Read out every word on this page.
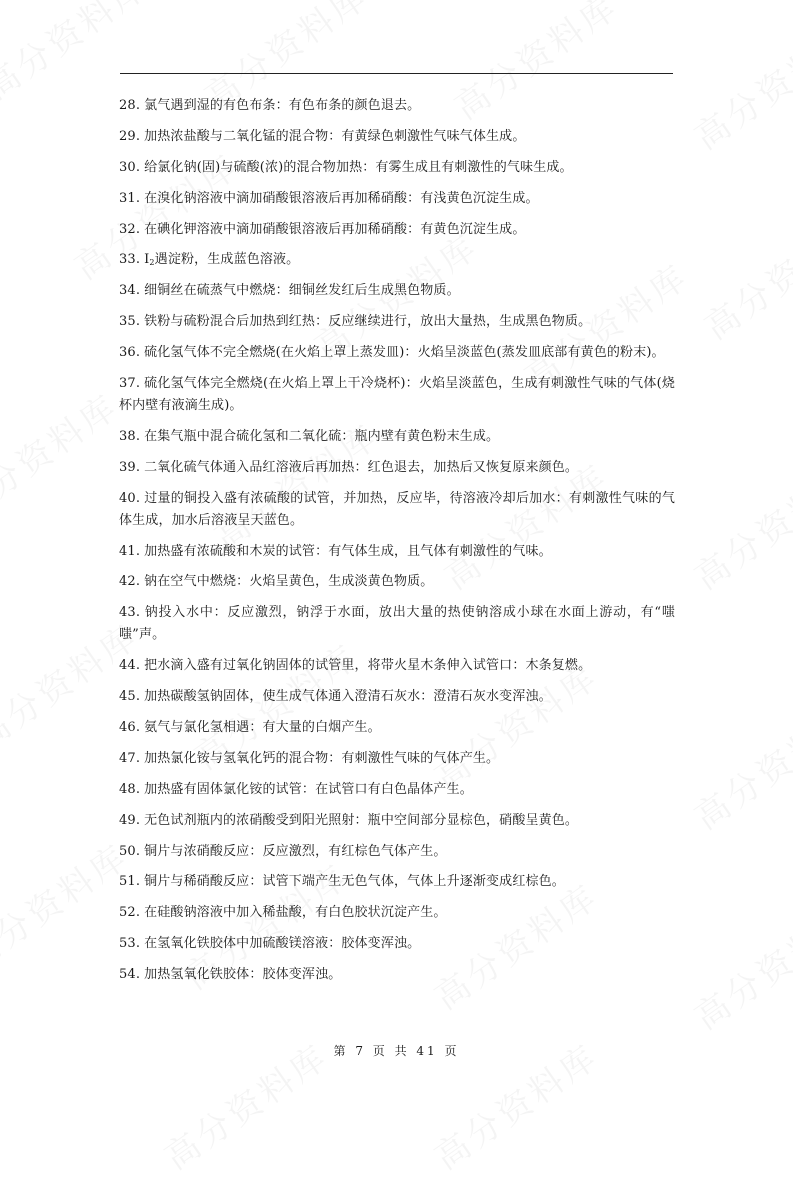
28. 氯气遇到湿的有色布条：有色布条的颜色退去。

29. 加热浓盐酸与二氧化锰的混合物：有黄绿色刺激性气味气体生成。

30. 给氯化钠(固)与硫酸(浓)的混合物加热：有雾生成且有刺激性的气味生成。

31. 在溴化钠溶液中滴加硝酸银溶液后再加稀硝酸：有浅黄色沉淀生成。

32. 在碘化钾溶液中滴加硝酸银溶液后再加稀硝酸：有黄色沉淀生成。

33. $I_2$遇淀粉，生成蓝色溶液。

34. 细铜丝在硫蒸气中燃烧：细铜丝发红后生成黑色物质。

35. 铁粉与硫粉混合后加热到红热：反应继续进行，放出大量热，生成黑色物质。

36. 硫化氢气体不完全燃烧(在火焰上罩上蒸发皿)：火焰呈淡蓝色(蒸发皿底部有黄色的粉末)。

37. 硫化氢气体完全燃烧(在火焰上罩上干冷烧杯)：火焰呈淡蓝色，生成有刺激性气味的气体(烧杯内壁有液滴生成)。

38. 在集气瓶中混合硫化氢和二氧化硫：瓶内壁有黄色粉末生成。

39. 二氧化硫气体通入品红溶液后再加热：红色退去，加热后又恢复原来颜色。

40. 过量的铜投入盛有浓硫酸的试管，并加热，反应毕，待溶液冷却后加水：有刺激性气味的气体生成，加水后溶液呈天蓝色。

41. 加热盛有浓硫酸和木炭的试管：有气体生成，且气体有刺激性的气味。

42. 钠在空气中燃烧：火焰呈黄色，生成淡黄色物质。

43. 钠投入水中：反应激烈，钠浮于水面，放出大量的热使钠溶成小球在水面上游动，有“嗤嗤”声。

44. 把水滴入盛有过氧化钠固体的试管里，将带火星木条伸入试管口：木条复燃。

45. 加热碳酸氢钠固体，使生成气体通入澄清石灰水：澄清石灰水变浑浊。

46. 氨气与氯化氢相遇：有大量的白烟产生。

47. 加热氯化铵与氢氧化钙的混合物：有刺激性气味的气体产生。

48. 加热盛有固体氯化铵的试管：在试管口有白色晶体产生。

49. 无色试剂瓶内的浓硝酸受到阳光照射：瓶中空间部分显棕色，硝酸呈黄色。

50. 铜片与浓硝酸反应：反应激烈，有红棕色气体产生。

51. 铜片与稀硝酸反应：试管下端产生无色气体，气体上升逐渐变成红棕色。

52. 在硅酸钠溶液中加入稀盐酸，有白色胶状沉淀产生。

53. 在氢氧化铁胶体中加硫酸镁溶液：胶体变浑浊。

54. 加热氢氧化铁胶体：胶体变浑浊。

第 7 页 共 41 页
